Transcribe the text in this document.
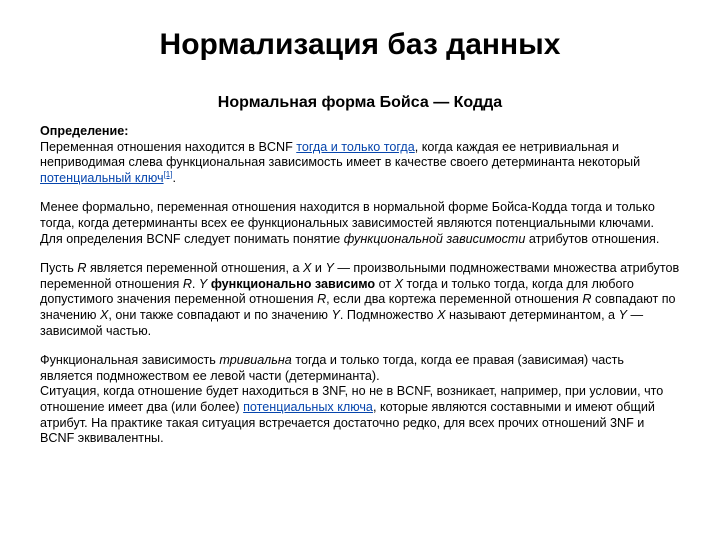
Нормализация баз данных
Нормальная форма Бойса — Кодда

Определение:

Переменная отношения находится в BCNF тогда и только тогда, когда каждая ее нетривиальная и неприводимая слева функциональная зависимость имеет в качестве своего детерминанта некоторый потенциальный ключ[1].

Менее формально, переменная отношения находится в нормальной форме Бойса-Кодда тогда и только тогда, когда детерминанты всех ее функциональных зависимостей являются потенциальными ключами.

Для определения BCNF следует понимать понятие функциональной зависимости атрибутов отношения.

Пусть R является переменной отношения, а X и Y — произвольными подмножествами множества атрибутов переменной отношения R. Y функционально зависимо от X тогда и только тогда, когда для любого допустимого значения переменной отношения R, если два кортежа переменной отношения R совпадают по значению X, они также совпадают и по значению Y. Подмножество X называют детерминантом, а Y — зависимой частью.

Функциональная зависимость тривиальна тогда и только тогда, когда ее правая (зависимая) часть является подмножеством ее левой части (детерминанта).

Ситуация, когда отношение будет находиться в 3NF, но не в BCNF, возникает, например, при условии, что отношение имеет два (или более) потенциальных ключа, которые являются составными и имеют общий атрибут. На практике такая ситуация встречается достаточно редко, для всех прочих отношений 3NF и BCNF эквивалентны.
